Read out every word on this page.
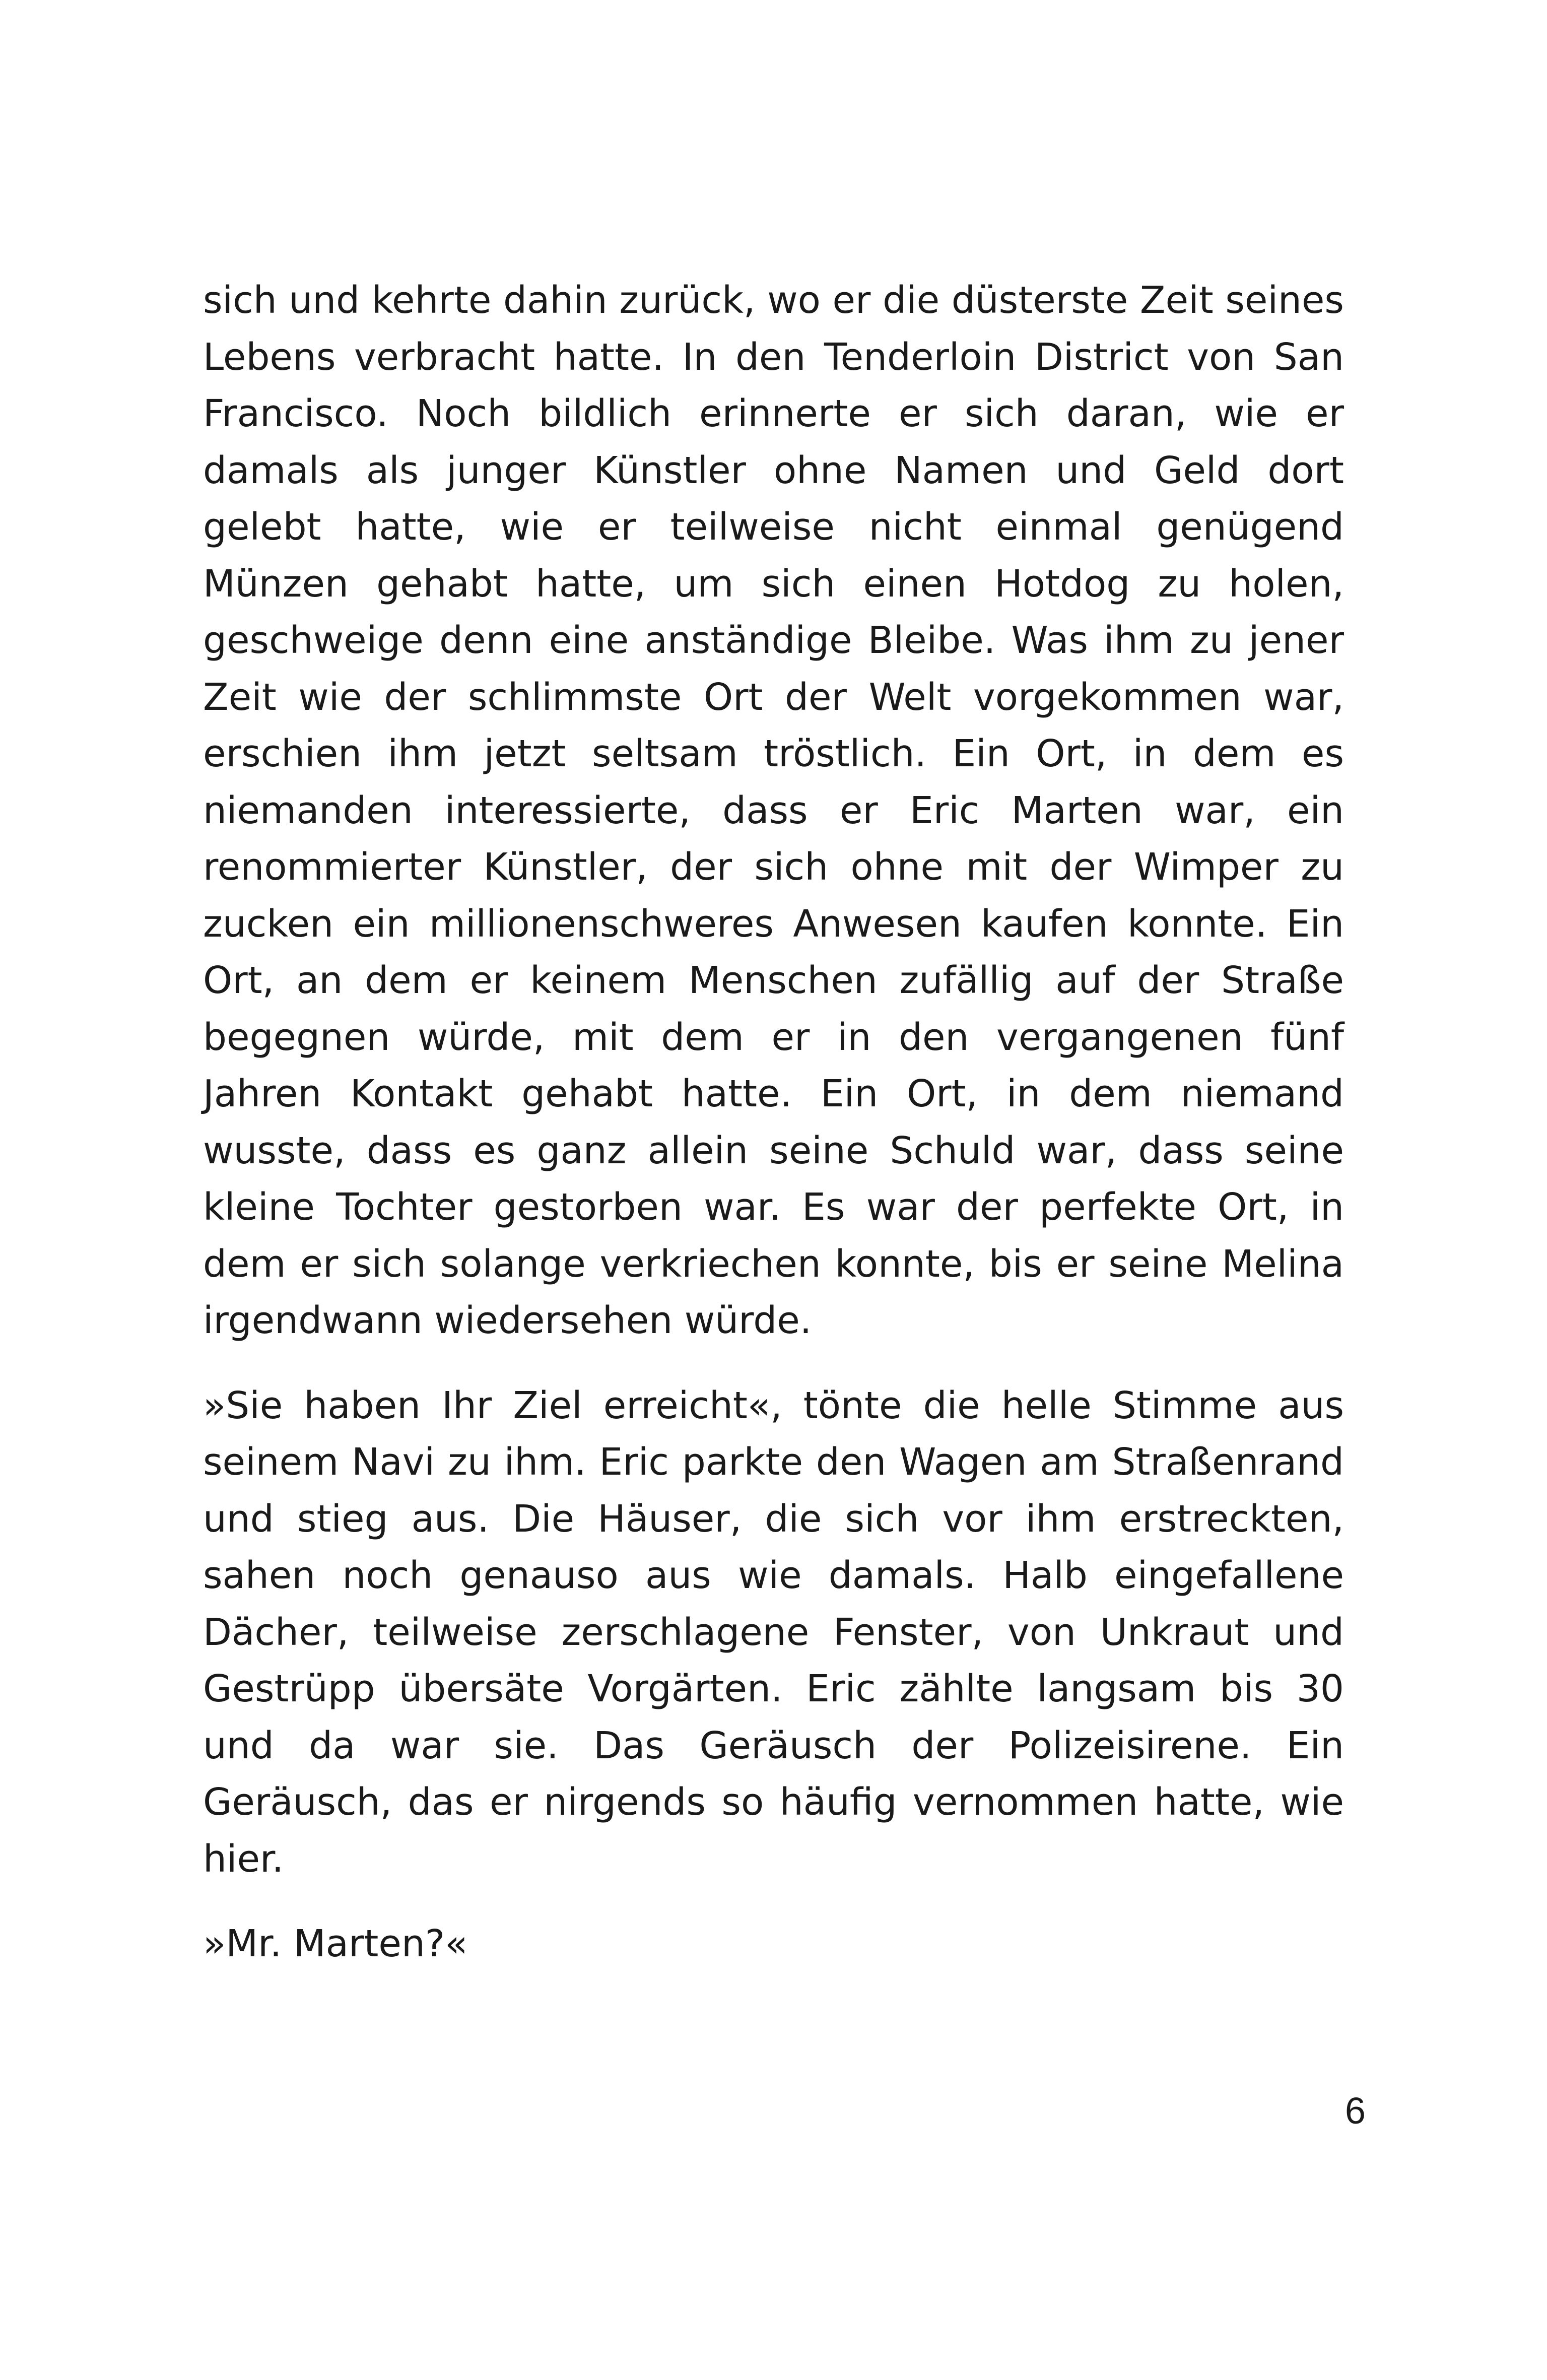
sich und kehrte dahin zurück, wo er die düsterste Zeit seines Lebens verbracht hatte. In den Tenderloin District von San Francisco. Noch bildlich erinnerte er sich daran, wie er damals als junger Künstler ohne Namen und Geld dort gelebt hatte, wie er teilweise nicht einmal genügend Münzen gehabt hatte, um sich einen Hotdog zu holen, geschweige denn eine anständige Bleibe. Was ihm zu jener Zeit wie der schlimmste Ort der Welt vorgekommen war, erschien ihm jetzt seltsam tröstlich. Ein Ort, in dem es niemanden interessierte, dass er Eric Marten war, ein renommierter Künstler, der sich ohne mit der Wimper zu zucken ein millionenschweres Anwesen kaufen konnte. Ein Ort, an dem er keinem Menschen zufällig auf der Straße begegnen würde, mit dem er in den vergangenen fünf Jahren Kontakt gehabt hatte. Ein Ort, in dem niemand wusste, dass es ganz allein seine Schuld war, dass seine kleine Tochter gestorben war. Es war der perfekte Ort, in dem er sich solange verkriechen konnte, bis er seine Melina irgendwann wiedersehen würde.

»Sie haben Ihr Ziel erreicht«, tönte die helle Stimme aus seinem Navi zu ihm. Eric parkte den Wagen am Straßenrand und stieg aus. Die Häuser, die sich vor ihm erstreckten, sahen noch genauso aus wie damals. Halb eingefallene Dächer, teilweise zerschlagene Fenster, von Unkraut und Gestrüpp übersäte Vorgärten. Eric zählte langsam bis 30 und da war sie. Das Geräusch der Polizeisirene. Ein Geräusch, das er nirgends so häufig vernommen hatte, wie hier.

»Mr. Marten?«

6
